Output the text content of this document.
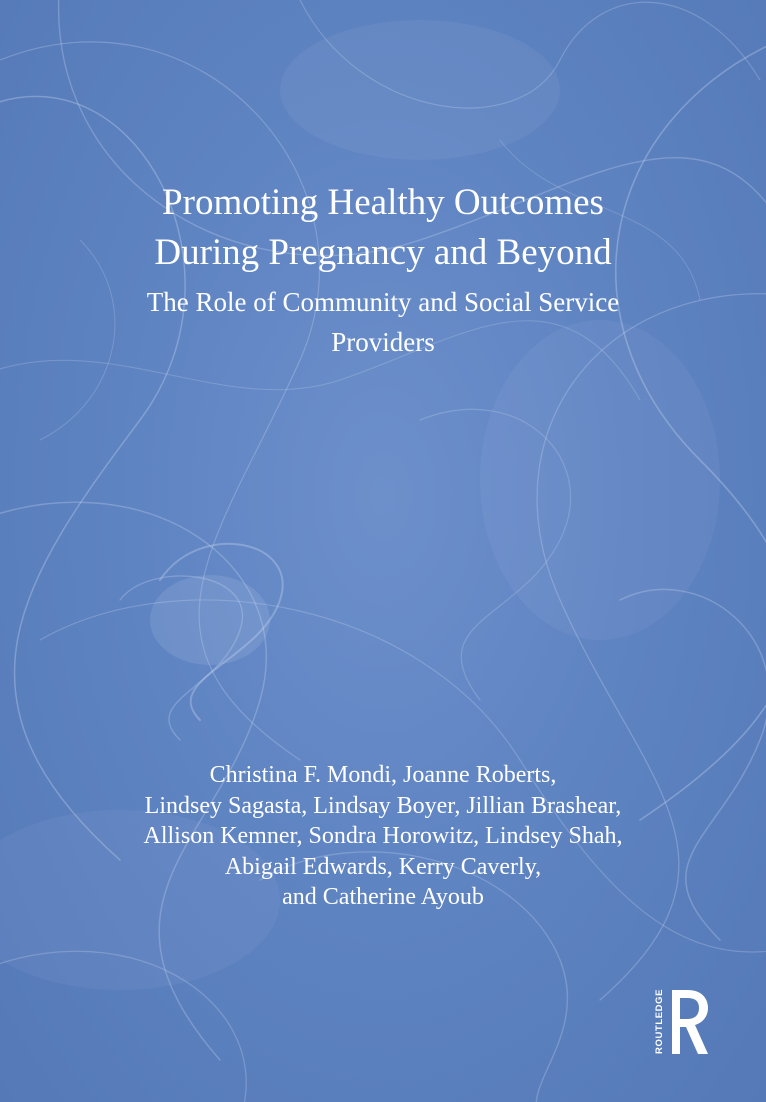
Promoting Healthy Outcomes
During Pregnancy and Beyond
The Role of Community and Social Service
Providers
Christina F. Mondi, Joanne Roberts,
Lindsey Sagasta, Lindsay Boyer, Jillian Brashear,
Allison Kemner, Sondra Horowitz, Lindsey Shah,
Abigail Edwards, Kerry Caverly,
and Catherine Ayoub
ROUTLEDGE
